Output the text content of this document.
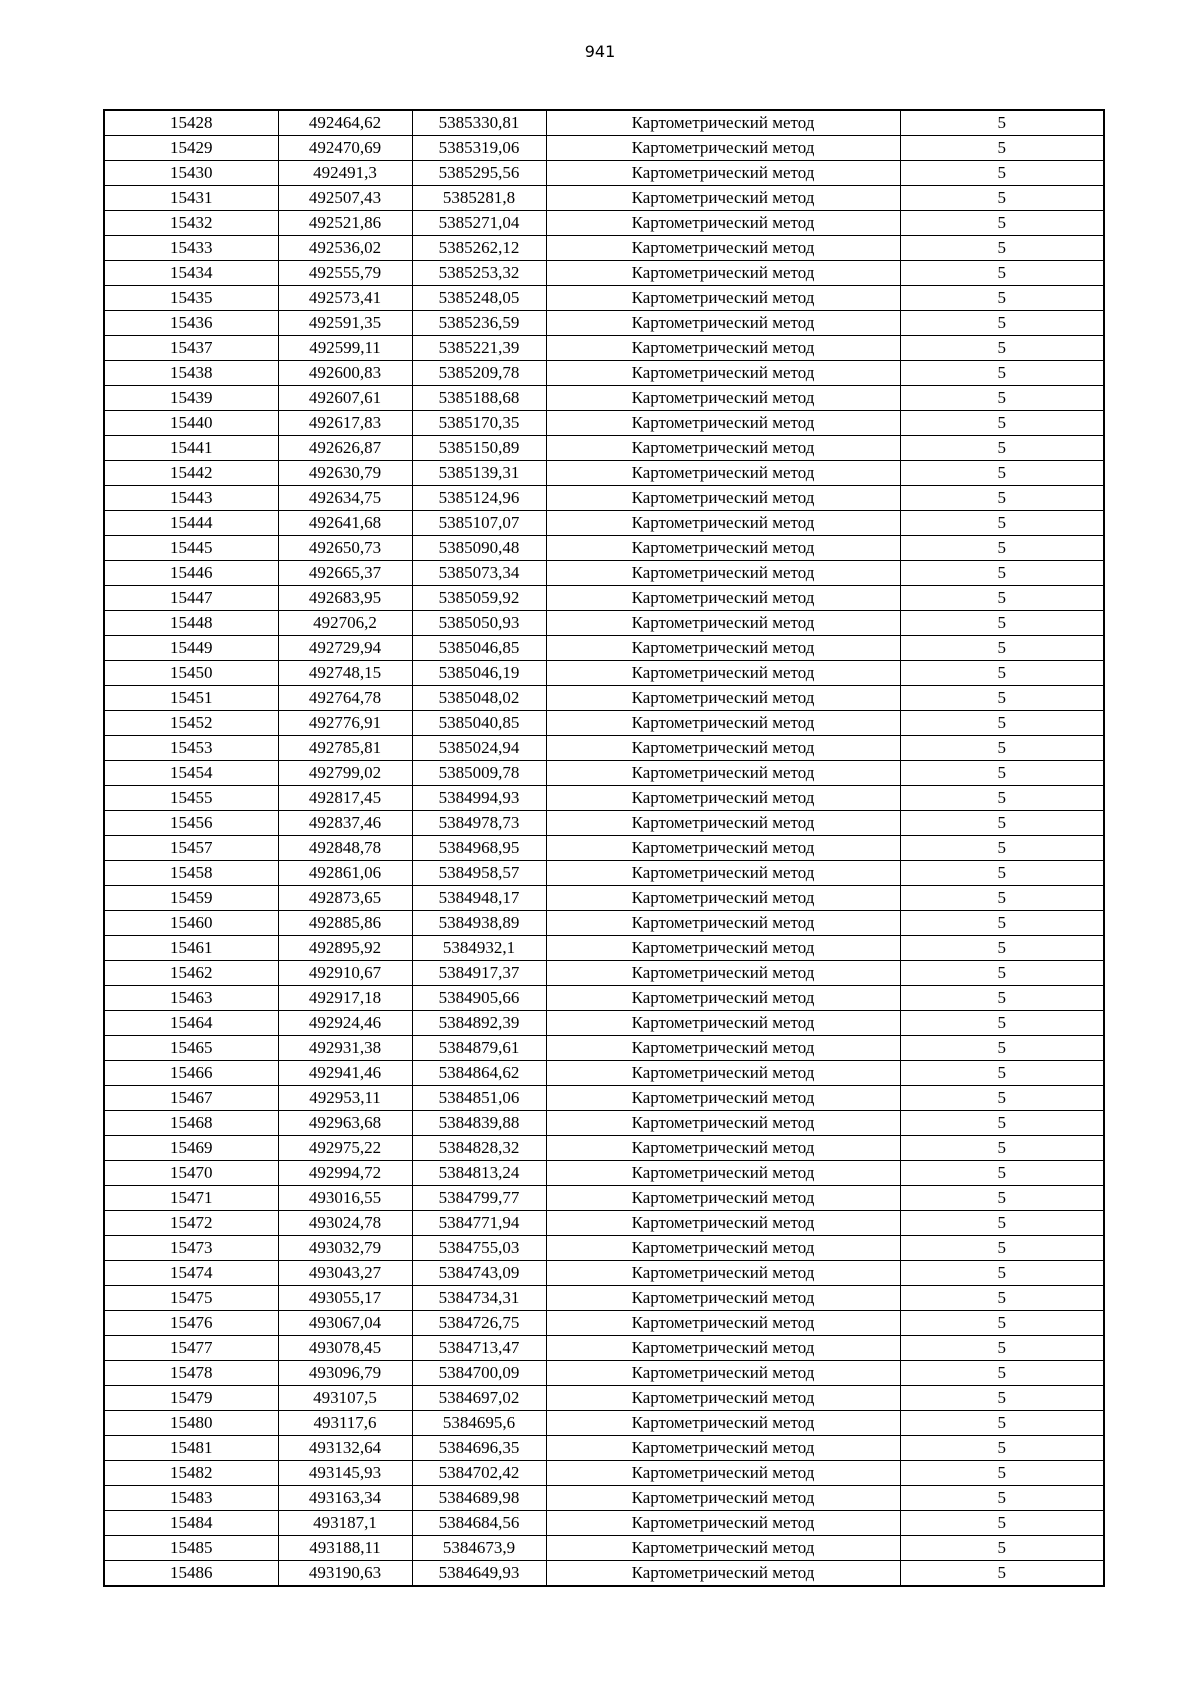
941
15428	492464,62	5385330,81	Картометрический метод	5
15429	492470,69	5385319,06	Картометрический метод	5
15430	492491,3	5385295,56	Картометрический метод	5
15431	492507,43	5385281,8	Картометрический метод	5
15432	492521,86	5385271,04	Картометрический метод	5
15433	492536,02	5385262,12	Картометрический метод	5
15434	492555,79	5385253,32	Картометрический метод	5
15435	492573,41	5385248,05	Картометрический метод	5
15436	492591,35	5385236,59	Картометрический метод	5
15437	492599,11	5385221,39	Картометрический метод	5
15438	492600,83	5385209,78	Картометрический метод	5
15439	492607,61	5385188,68	Картометрический метод	5
15440	492617,83	5385170,35	Картометрический метод	5
15441	492626,87	5385150,89	Картометрический метод	5
15442	492630,79	5385139,31	Картометрический метод	5
15443	492634,75	5385124,96	Картометрический метод	5
15444	492641,68	5385107,07	Картометрический метод	5
15445	492650,73	5385090,48	Картометрический метод	5
15446	492665,37	5385073,34	Картометрический метод	5
15447	492683,95	5385059,92	Картометрический метод	5
15448	492706,2	5385050,93	Картометрический метод	5
15449	492729,94	5385046,85	Картометрический метод	5
15450	492748,15	5385046,19	Картометрический метод	5
15451	492764,78	5385048,02	Картометрический метод	5
15452	492776,91	5385040,85	Картометрический метод	5
15453	492785,81	5385024,94	Картометрический метод	5
15454	492799,02	5385009,78	Картометрический метод	5
15455	492817,45	5384994,93	Картометрический метод	5
15456	492837,46	5384978,73	Картометрический метод	5
15457	492848,78	5384968,95	Картометрический метод	5
15458	492861,06	5384958,57	Картометрический метод	5
15459	492873,65	5384948,17	Картометрический метод	5
15460	492885,86	5384938,89	Картометрический метод	5
15461	492895,92	5384932,1	Картометрический метод	5
15462	492910,67	5384917,37	Картометрический метод	5
15463	492917,18	5384905,66	Картометрический метод	5
15464	492924,46	5384892,39	Картометрический метод	5
15465	492931,38	5384879,61	Картометрический метод	5
15466	492941,46	5384864,62	Картометрический метод	5
15467	492953,11	5384851,06	Картометрический метод	5
15468	492963,68	5384839,88	Картометрический метод	5
15469	492975,22	5384828,32	Картометрический метод	5
15470	492994,72	5384813,24	Картометрический метод	5
15471	493016,55	5384799,77	Картометрический метод	5
15472	493024,78	5384771,94	Картометрический метод	5
15473	493032,79	5384755,03	Картометрический метод	5
15474	493043,27	5384743,09	Картометрический метод	5
15475	493055,17	5384734,31	Картометрический метод	5
15476	493067,04	5384726,75	Картометрический метод	5
15477	493078,45	5384713,47	Картометрический метод	5
15478	493096,79	5384700,09	Картометрический метод	5
15479	493107,5	5384697,02	Картометрический метод	5
15480	493117,6	5384695,6	Картометрический метод	5
15481	493132,64	5384696,35	Картометрический метод	5
15482	493145,93	5384702,42	Картометрический метод	5
15483	493163,34	5384689,98	Картометрический метод	5
15484	493187,1	5384684,56	Картометрический метод	5
15485	493188,11	5384673,9	Картометрический метод	5
15486	493190,63	5384649,93	Картометрический метод	5
